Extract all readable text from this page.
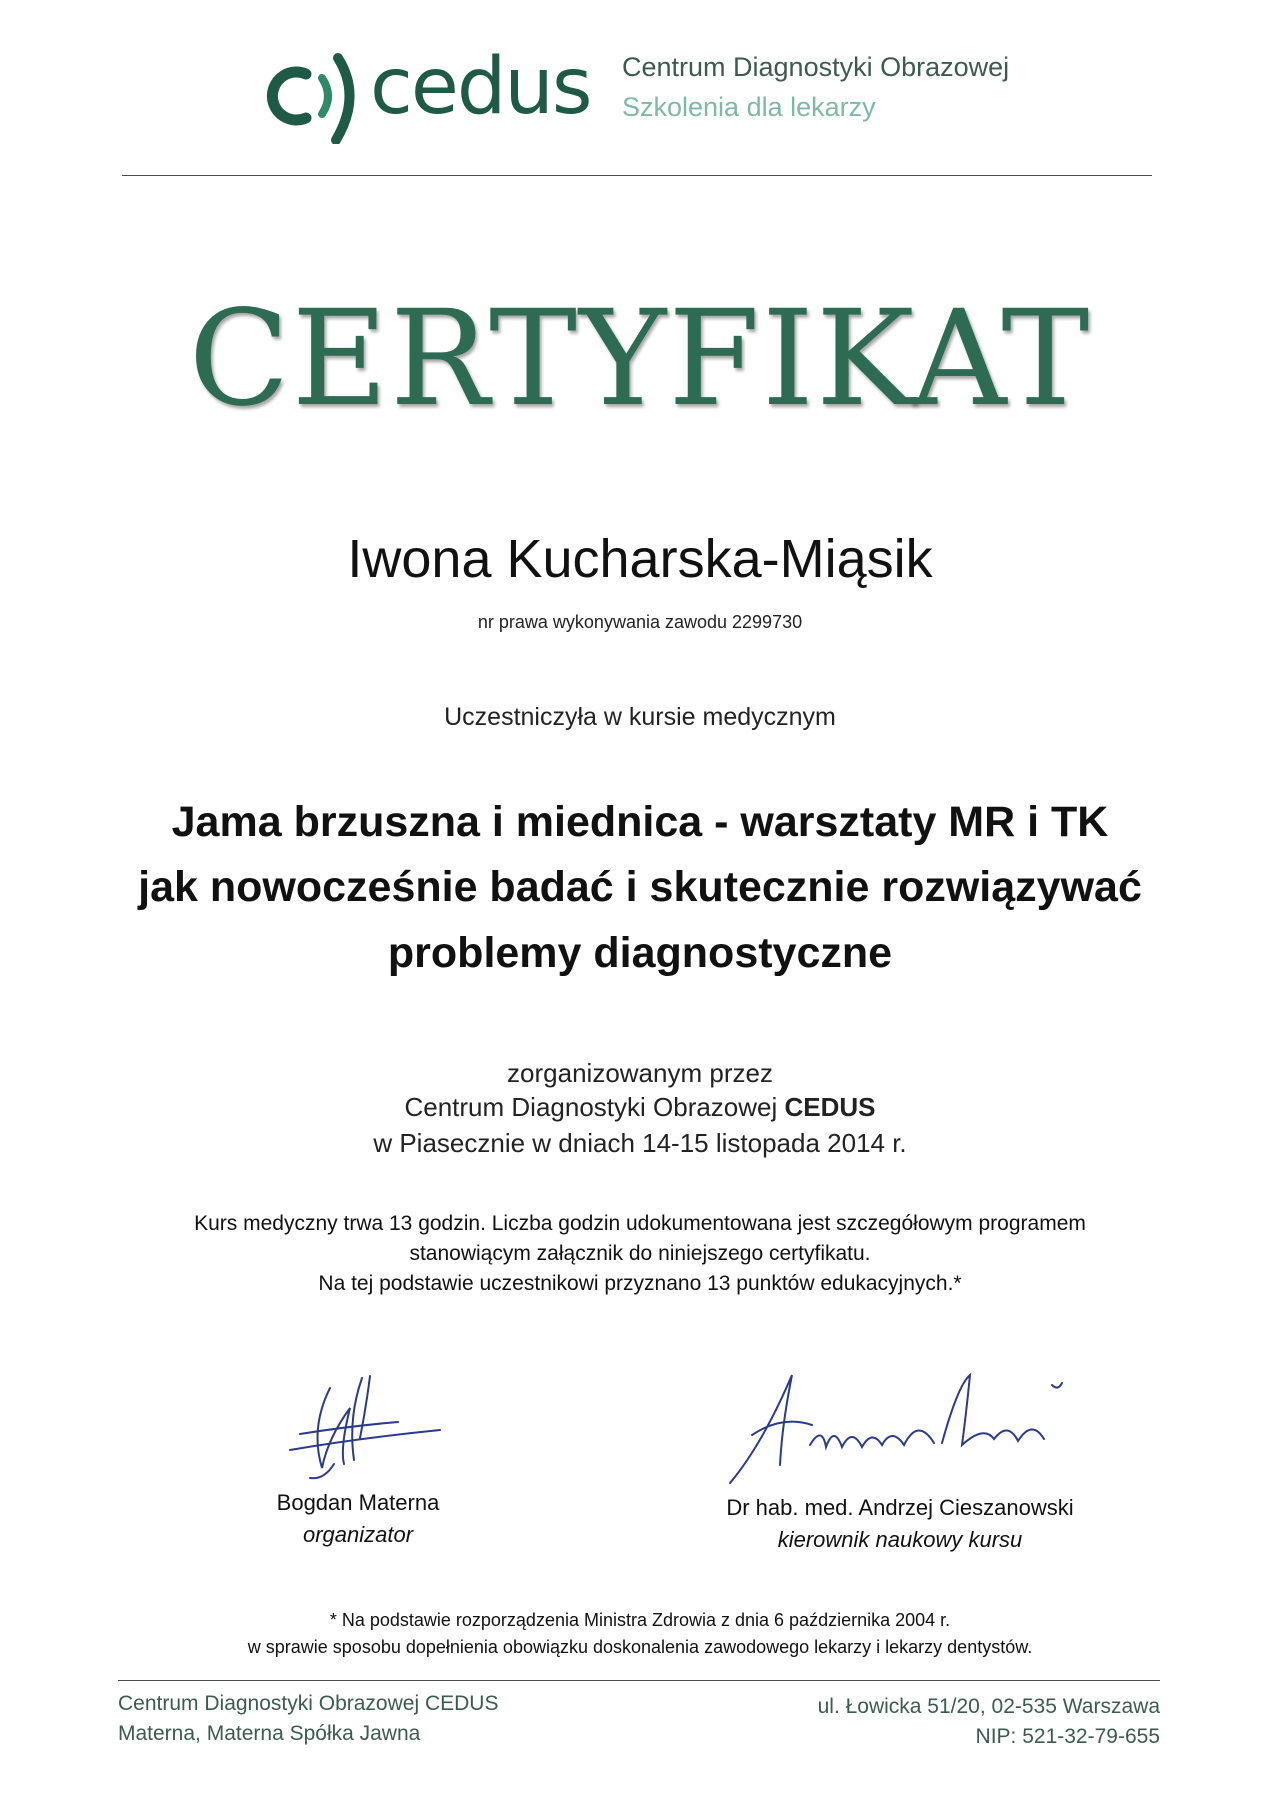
cedus Centrum Diagnostyki Obrazowej
Szkolenia dla lekarzy
CERTYFIKAT
Iwona Kucharska-Miąsik
nr prawa wykonywania zawodu 2299730
Uczestniczyła w kursie medycznym
Jama brzuszna i miednica - warsztaty MR i TK
jak nowocześnie badać i skutecznie rozwiązywać
problemy diagnostyczne
zorganizowanym przez
Centrum Diagnostyki Obrazowej CEDUS
w Piasecznie w dniach 14-15 listopada 2014 r.
Kurs medyczny trwa 13 godzin. Liczba godzin udokumentowana jest szczegółowym programem
stanowiącym załącznik do niniejszego certyfikatu.
Na tej podstawie uczestnikowi przyznano 13 punktów edukacyjnych.*
Bogdan Materna
organizator
Dr hab. med. Andrzej Cieszanowski
kierownik naukowy kursu
* Na podstawie rozporządzenia Ministra Zdrowia z dnia 6 października 2004 r.
w sprawie sposobu dopełnienia obowiązku doskonalenia zawodowego lekarzy i lekarzy dentystów.
Centrum Diagnostyki Obrazowej CEDUS
Materna, Materna Spółka Jawna
ul. Łowicka 51/20, 02-535 Warszawa
NIP: 521-32-79-655
